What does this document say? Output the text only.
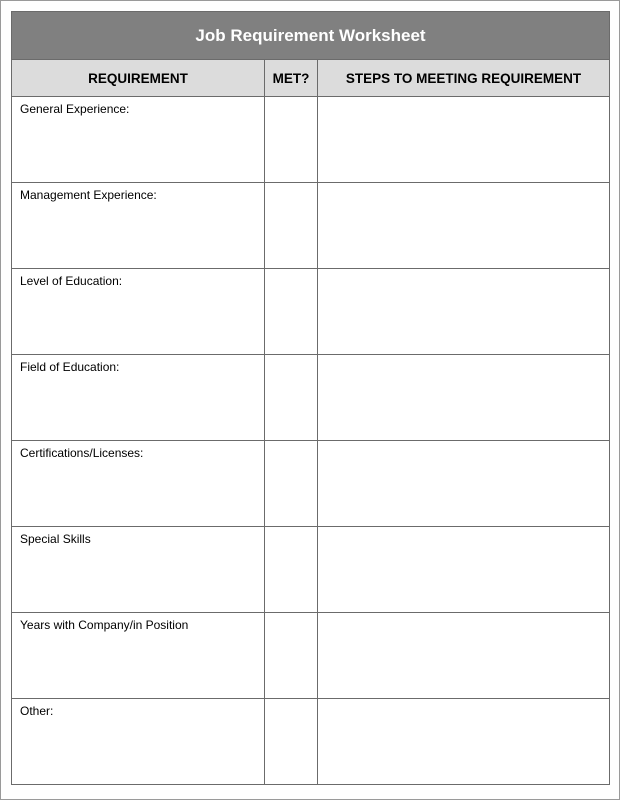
Job Requirement Worksheet		
REQUIREMENT	MET?	STEPS TO MEETING REQUIREMENT

General Experience:		

Management Experience:		

Level of Education:		

Field of Education:		

Certifications/Licenses:		

Special Skills		

Years with Company/in Position		

Other:		
